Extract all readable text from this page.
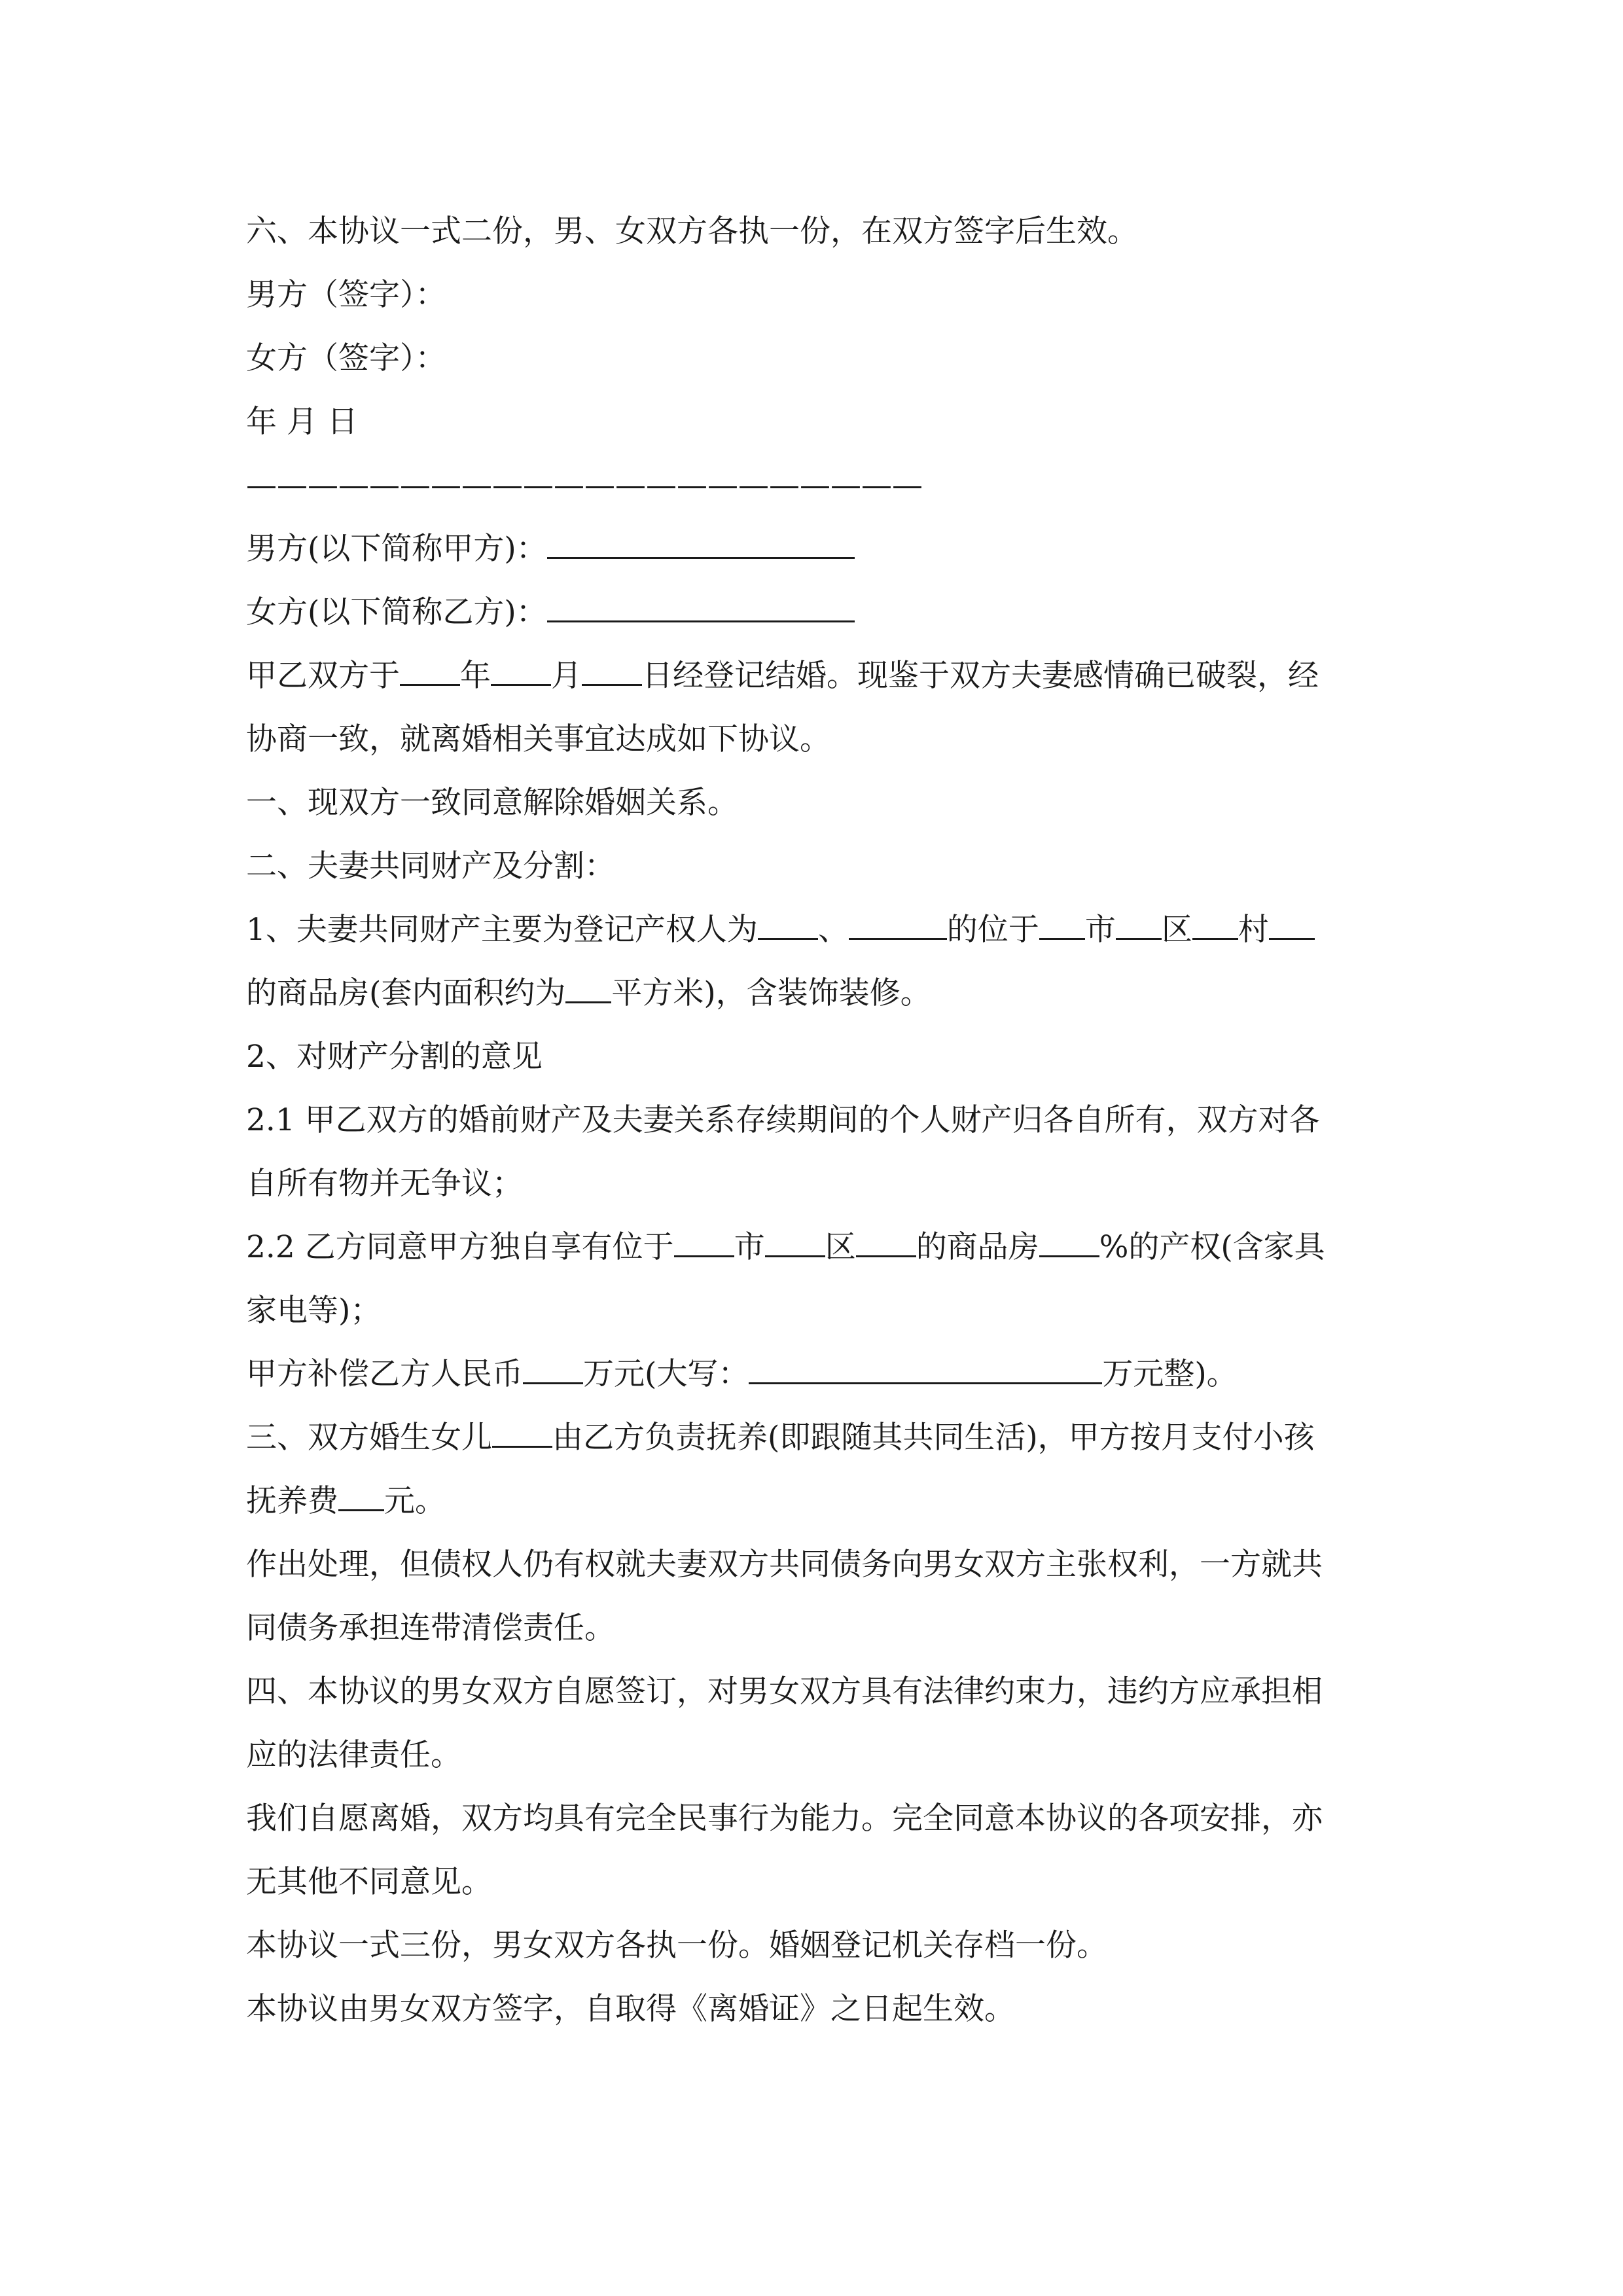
六、本协议一式二份，男、女双方各执一份，在双方签字后生效。
男方（签字）：
女方（签字）：
年 月 日
——————————————————————
男方(以下简称甲方)：
女方(以下简称乙方)：
甲乙双方于 年 月 日经登记结婚。现鉴于双方夫妻感情确已破裂，经
协商一致，就离婚相关事宜达成如下协议。
一、现双方一致同意解除婚姻关系。
二、夫妻共同财产及分割：
1、夫妻共同财产主要为登记产权人为 、	的位于 市 区 村
的商品房(套内面积约为 平方米)，含装饰装修。
2、对财产分割的意见
2.1 甲乙双方的婚前财产及夫妻关系存续期间的个人财产归各自所有，双方对各
自所有物并无争议；
2.2 乙方同意甲方独自享有位于 市 区 的商品房 %的产权(含家具
家电等)；
甲方补偿乙方人民币 万元(大写：	万元整)。
三、双方婚生女儿 由乙方负责抚养(即跟随其共同生活)，甲方按月支付小孩
抚养费 元。
作出处理，但债权人仍有权就夫妻双方共同债务向男女双方主张权利，一方就共
同债务承担连带清偿责任。
四、本协议的男女双方自愿签订，对男女双方具有法律约束力，违约方应承担相
应的法律责任。
我们自愿离婚，双方均具有完全民事行为能力。完全同意本协议的各项安排，亦
无其他不同意见。
本协议一式三份，男女双方各执一份。婚姻登记机关存档一份。
本协议由男女双方签字，自取得《离婚证》之日起生效。
